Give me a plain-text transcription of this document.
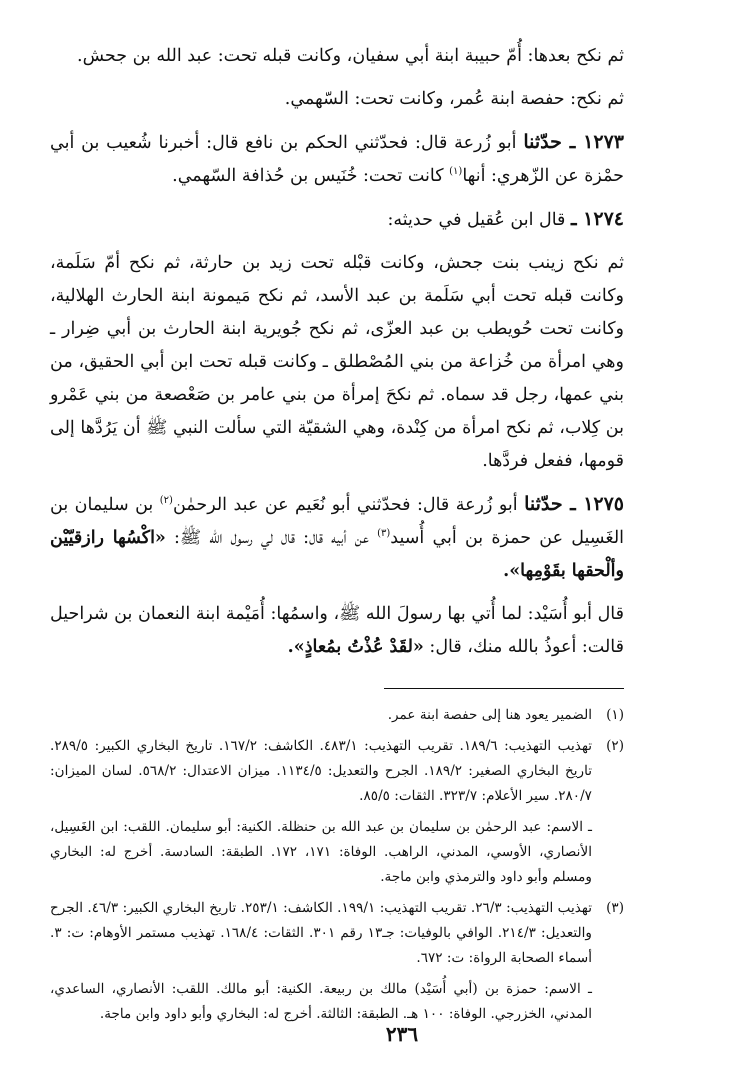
ثم نكح بعدها: أُمّ حبيبة ابنة أبي سفيان، وكانت قبله تحت: عبد الله بن جحش.

ثم نكح: حفصة ابنة عُمر، وكانت تحت: السّهمي.

١٢٧٣ ـ حدّثنا أبو زُرعة قال: فحدّثني الحكم بن نافع قال: أخبرنا شُعيب بن أبي حمْزة عن الزّهري: أنها$^{(١)}$ كانت تحت: خُنَيس بن حُذافة السّهمي.

١٢٧٤ ـ قال ابن عُقيل في حديثه:

ثم نكح زينب بنت جحش، وكانت قبْله تحت زيد بن حارثة، ثم نكح أمّ سَلَمة، وكانت قبله تحت أبي سَلَمة بن عبد الأسد، ثم نكح مَيمونة ابنة الحارث الهلالية، وكانت تحت حُويطب بن عبد العزّى، ثم نكح جُويرية ابنة الحارث بن أبي ضِرار ـ وهي امرأة من خُزاعة من بني المُصْطلق ـ وكانت قبله تحت ابن أبي الحقيق، من بني عمها، رجل قد سماه. ثم نكحَ إمرأة من بني عامر بن صَعْصعة من بني عَمْرو بن كِلاب، ثم نكح امرأة من كِنْدة، وهي الشقيّة التي سألت النبي ﷺ أن يَرُدَّها إلى قومها، ففعل فردَّها.

١٢٧٥ ـ حدّثنا أبو زُرعة قال: فحدّثني أبو نُعَيم عن عبد الرحمٰن$^{(٢)}$ بن سليمان بن الغَسِيل عن حمزة بن أبي أُسيد$^{(٣)}$ عن أبيه قال: قال لي رسول الله ﷺ: «اكْسُها رازقيّيْن وألْحقها بقَوْمِها».

قال أبو أُسَيْد: لما أُتي بها رسولَ الله ﷺ، واسمُها: أُمَيْمة ابنة النعمان بن شراحيل قالت: أعوذُ بالله منك، قال: «لقَدْ عُذْتُ بمُعاذٍ».

(١)
الضمير يعود هنا إلى حفصة ابنة عمر.
(٢)
تهذيب التهذيب: ١٨٩/٦. تقريب التهذيب: ٤٨٣/١. الكاشف: ١٦٧/٢. تاريخ البخاري الكبير: ٢٨٩/٥. تاريخ البخاري الصغير: ١٨٩/٢. الجرح والتعديل: ١١٣٤/٥. ميزان الاعتدال: ٥٦٨/٢. لسان الميزان: ٢٨٠/٧. سير الأعلام: ٣٢٣/٧. الثقات: ٨٥/٥.
ـ الاسم: عبد الرحمٰن بن سليمان بن عبد الله بن حنظلة. الكنية: أبو سليمان. اللقب: ابن الغَسِيل، الأنصاري، الأوسي، المدني، الراهب. الوفاة: ١٧١، ١٧٢. الطبقة: السادسة. أخرج له: البخاري ومسلم وأبو داود والترمذي وابن ماجة.
(٣)
تهذيب التهذيب: ٢٦/٣. تقريب التهذيب: ١٩٩/١. الكاشف: ٢٥٣/١. تاريخ البخاري الكبير: ٤٦/٣. الجرح والتعديل: ٢١٤/٣. الوافي بالوفيات: جـ١٣ رقم ٣٠١. الثقات: ١٦٨/٤. تهذيب مستمر الأوهام: ت: ٣. أسماء الصحابة الرواة: ت: ٦٧٢.
ـ الاسم: حمزة بن (أبي أُسَيْد) مالك بن ربيعة. الكنية: أبو مالك. اللقب: الأنصاري، الساعدي، المدني، الخزرجي. الوفاة: ١٠٠ هـ. الطبقة: الثالثة. أخرج له: البخاري وأبو داود وابن ماجة.
٢٣٦
